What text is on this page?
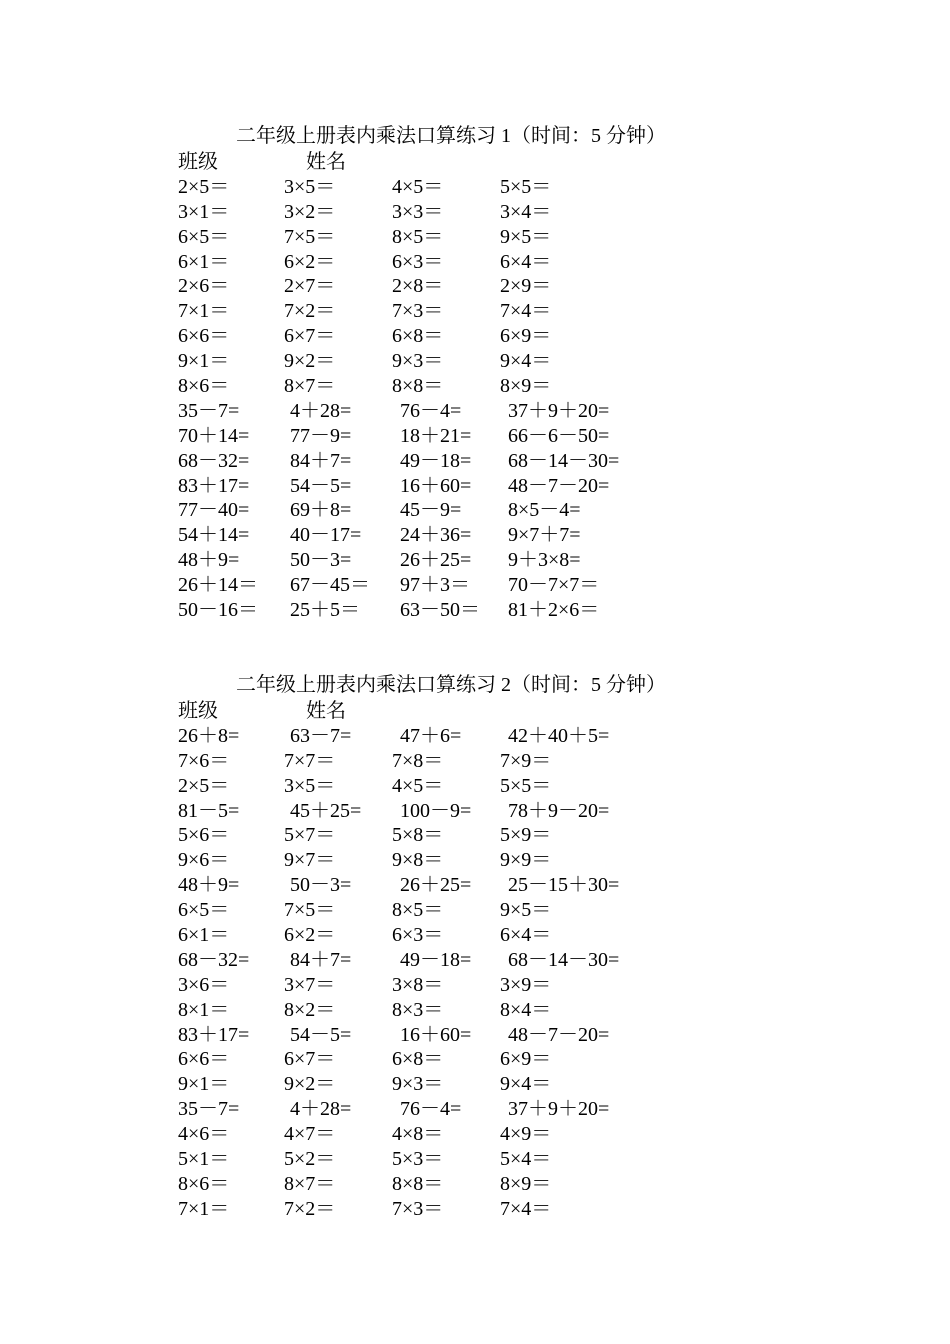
二年级上册表内乘法口算练习 1（时间：5 分钟）
班级	姓名
2×5＝	3×5＝	4×5＝	5×5＝
3×1＝	3×2＝	3×3＝	3×4＝
6×5＝	7×5＝	8×5＝	9×5＝
6×1＝	6×2＝	6×3＝	6×4＝
2×6＝	2×7＝	2×8＝	2×9＝
7×1＝	7×2＝	7×3＝	7×4＝
6×6＝	6×7＝	6×8＝	6×9＝
9×1＝	9×2＝	9×3＝	9×4＝
8×6＝	8×7＝	8×8＝	8×9＝
35－7=	4＋28= 76－4= 37＋9＋20=
70＋14= 77－9= 18＋21= 66－6－50=
68－32= 84＋7= 49－18= 68－14－30=
83＋17= 54－5= 16＋60= 48－7－20=
77－40= 69＋8= 45－9= 8×5－4=
54＋14= 40－17= 24＋36= 9×7＋7=
48＋9=	50－3= 26＋25= 9＋3×8=
26＋14＝ 67－45＝ 97＋3＝ 70－7×7＝
50－16＝ 25＋5＝ 63－50＝ 81＋2×6＝
二年级上册表内乘法口算练习 2（时间：5 分钟）
班级	姓名
26＋8=	63－7= 47＋6= 42＋40＋5=
7×6＝	7×7＝	7×8＝	7×9＝
2×5＝	3×5＝	4×5＝	5×5＝
81－5=	45＋25= 100－9= 78＋9－20=
5×6＝	5×7＝	5×8＝	5×9＝
9×6＝	9×7＝	9×8＝	9×9＝
48＋9=	50－3= 26＋25= 25－15＋30=
6×5＝	7×5＝	8×5＝	9×5＝
6×1＝	6×2＝	6×3＝	6×4＝
68－32= 84＋7= 49－18= 68－14－30=
3×6＝	3×7＝	3×8＝	3×9＝
8×1＝	8×2＝	8×3＝	8×4＝
83＋17= 54－5= 16＋60= 48－7－20=
6×6＝	6×7＝	6×8＝	6×9＝
9×1＝	9×2＝	9×3＝	9×4＝
35－7=	4＋28= 76－4= 37＋9＋20=
4×6＝	4×7＝	4×8＝	4×9＝
5×1＝	5×2＝	5×3＝	5×4＝
8×6＝	8×7＝	8×8＝	8×9＝
7×1＝	7×2＝	7×3＝	7×4＝
